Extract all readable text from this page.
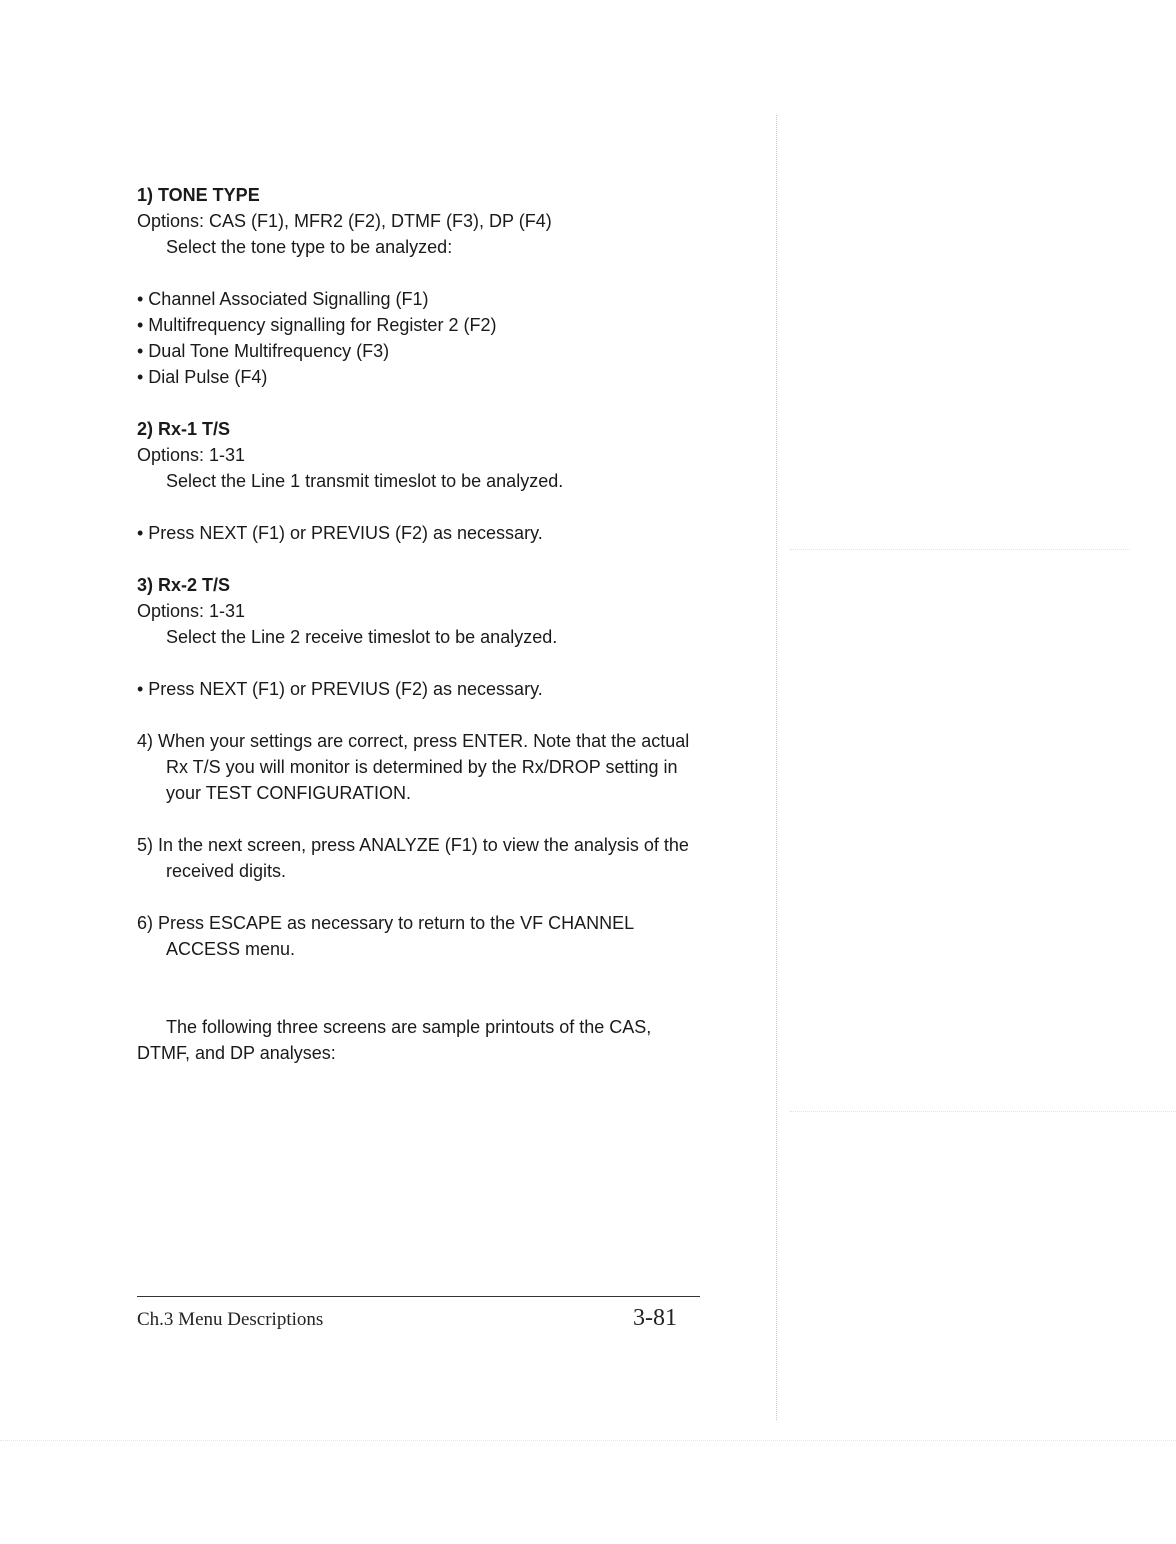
1) TONE TYPE

Options: CAS (F1), MFR2 (F2), DTMF (F3), DP (F4)

Select the tone type to be analyzed:

• Channel Associated Signalling (F1)

• Multifrequency signalling for Register 2 (F2)

• Dual Tone Multifrequency (F3)

• Dial Pulse (F4)

2) Rx-1 T/S

Options: 1-31

Select the Line 1 transmit timeslot to be analyzed.

• Press NEXT (F1) or PREVIUS (F2) as necessary.

3) Rx-2 T/S

Options: 1-31

Select the Line 2 receive timeslot to be analyzed.

• Press NEXT (F1) or PREVIUS (F2) as necessary.

4) When your settings are correct, press ENTER. Note that the actual Rx T/S you will monitor is determined by the Rx/DROP setting in your TEST CONFIGURATION.

5) In the next screen, press ANALYZE (F1) to view the analysis of the received digits.

6) Press ESCAPE as necessary to return to the VF CHANNEL ACCESS menu.

The following three screens are sample printouts of the CAS, DTMF, and DP analyses:

Ch.3 Menu Descriptions	3-81
